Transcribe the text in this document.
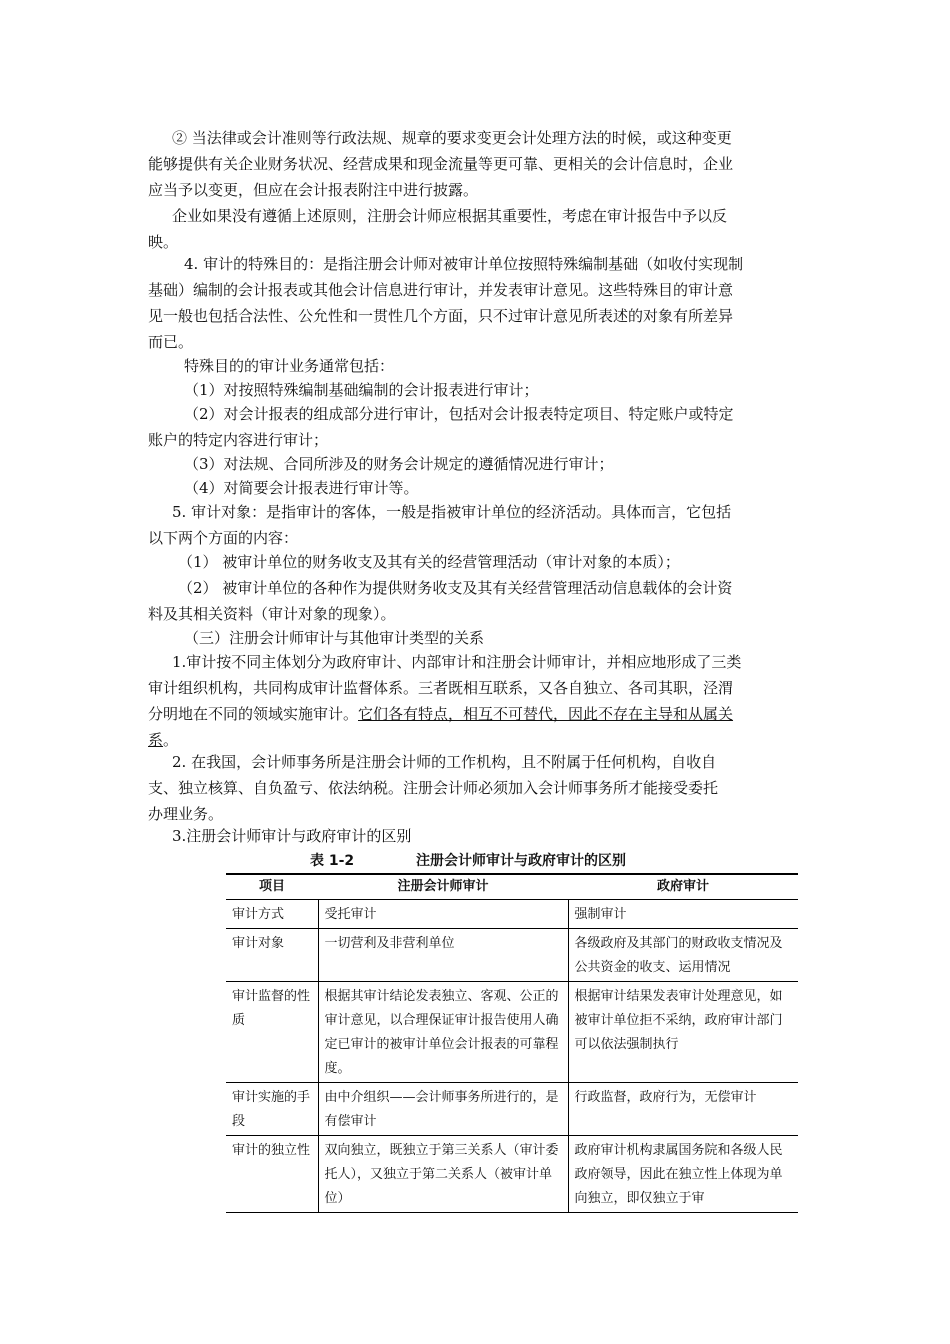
② 当法律或会计准则等行政法规、规章的要求变更会计处理方法的时候，或这种变更
能够提供有关企业财务状况、经营成果和现金流量等更可靠、更相关的会计信息时，企业
应当予以变更，但应在会计报表附注中进行披露。
企业如果没有遵循上述原则，注册会计师应根据其重要性，考虑在审计报告中予以反
映。
4. 审计的特殊目的：是指注册会计师对被审计单位按照特殊编制基础（如收付实现制
基础）编制的会计报表或其他会计信息进行审计，并发表审计意见。这些特殊目的审计意
见一般也包括合法性、公允性和一贯性几个方面，只不过审计意见所表述的对象有所差异
而已。
特殊目的的审计业务通常包括：
（1）对按照特殊编制基础编制的会计报表进行审计；
（2）对会计报表的组成部分进行审计，包括对会计报表特定项目、特定账户或特定
账户的特定内容进行审计；
（3）对法规、合同所涉及的财务会计规定的遵循情况进行审计；
（4）对简要会计报表进行审计等。
5. 审计对象：是指审计的客体，一般是指被审计单位的经济活动。具体而言，它包括
以下两个方面的内容：
（1） 被审计单位的财务收支及其有关的经营管理活动（审计对象的本质）；
（2） 被审计单位的各种作为提供财务收支及其有关经营管理活动信息载体的会计资
料及其相关资料（审计对象的现象）。
（三）注册会计师审计与其他审计类型的关系
1.审计按不同主体划分为政府审计、内部审计和注册会计师审计，并相应地形成了三类
审计组织机构，共同构成审计监督体系。三者既相互联系，又各自独立、各司其职，泾渭
分明地在不同的领域实施审计。它们各有特点，相互不可替代，因此不存在主导和从属关
系。
2. 在我国，会计师事务所是注册会计师的工作机构，且不附属于任何机构，自收自
支、独立核算、自负盈亏、依法纳税。注册会计师必须加入会计师事务所才能接受委托
办理业务。
3.注册会计师审计与政府审计的区别
表 1-2	注册会计师审计与政府审计的区别
项目	注册会计师审计	政府审计
审计方式	受托审计	强制审计
审计对象	一切营利及非营利单位	各级政府及其部门的财政收支情况及公共资金的收支、运用情况
审计监督的性质	根据其审计结论发表独立、客观、公正的审计意见，以合理保证审计报告使用人确定已审计的被审计单位会计报表的可靠程度。	根据审计结果发表审计处理意见，如被审计单位拒不采纳，政府审计部门可以依法强制执行
审计实施的手段	由中介组织——会计师事务所进行的，是有偿审计	行政监督，政府行为，无偿审计
审计的独立性	双向独立，既独立于第三关系人（审计委托人），又独立于第二关系人（被审计单位）	政府审计机构隶属国务院和各级人民政府领导，因此在独立性上体现为单向独立，即仅独立于审
